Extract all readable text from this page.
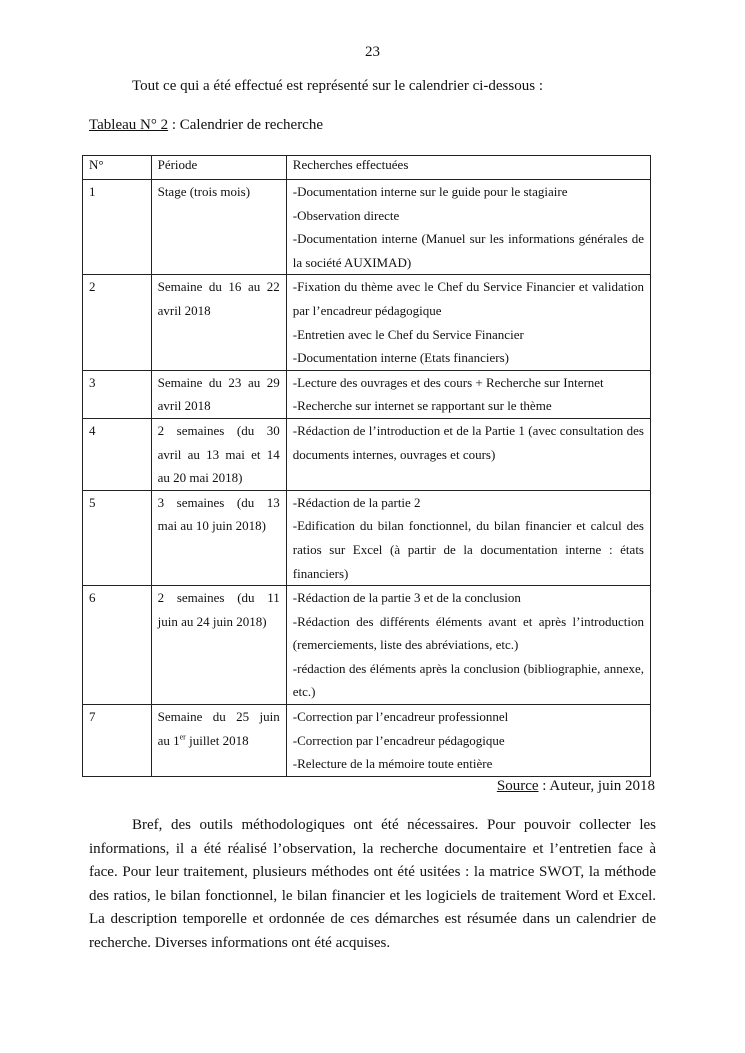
23
Tout ce qui a été effectué est représenté sur le calendrier ci-dessous :
Tableau N° 2 : Calendrier de recherche
N°	Période	Recherches effectuées
1	Stage (trois mois)	-Documentation interne sur le guide pour le stagiaire
-Observation directe
-Documentation interne (Manuel sur les informations générales de la société AUXIMAD)

2	Semaine du 16 au 22
avril 2018	-Fixation du thème avec le Chef du Service Financier et validation par l’encadreur pédagogique
-Entretien avec le Chef du Service Financier
-Documentation interne (Etats financiers)

3	Semaine du 23 au 29
avril 2018	-Lecture des ouvrages et des cours + Recherche sur Internet
-Recherche sur internet se rapportant sur le thème

4	2 semaines (du 30
avril au 13 mai et 14
au 20 mai 2018)	-Rédaction de l’introduction et de la Partie 1 (avec consultation des documents internes, ouvrages et cours)

5	3 semaines (du 13
mai au 10 juin 2018)	-Rédaction de la partie 2
-Edification du bilan fonctionnel, du bilan financier et calcul des ratios sur Excel (à partir de la documentation interne : états financiers)

6	2 semaines (du 11
juin au 24 juin 2018)	-Rédaction de la partie 3 et de la conclusion
-Rédaction des différents éléments avant et après l’introduction (remerciements, liste des abréviations, etc.)
-rédaction des éléments après la conclusion (bibliographie, annexe, etc.)

7	Semaine du 25 juin
au 1er juillet 2018	-Correction par l’encadreur professionnel
-Correction par l’encadreur pédagogique
-Relecture de la mémoire toute entière
Source : Auteur, juin 2018
Bref, des outils méthodologiques ont été nécessaires. Pour pouvoir collecter les informations, il a été réalisé l’observation, la recherche documentaire et l’entretien face à face. Pour leur traitement, plusieurs méthodes ont été usitées : la matrice SWOT, la méthode des ratios, le bilan fonctionnel, le bilan financier et les logiciels de traitement Word et Excel. La description temporelle et ordonnée de ces démarches est résumée dans un calendrier de recherche. Diverses informations ont été acquises.
